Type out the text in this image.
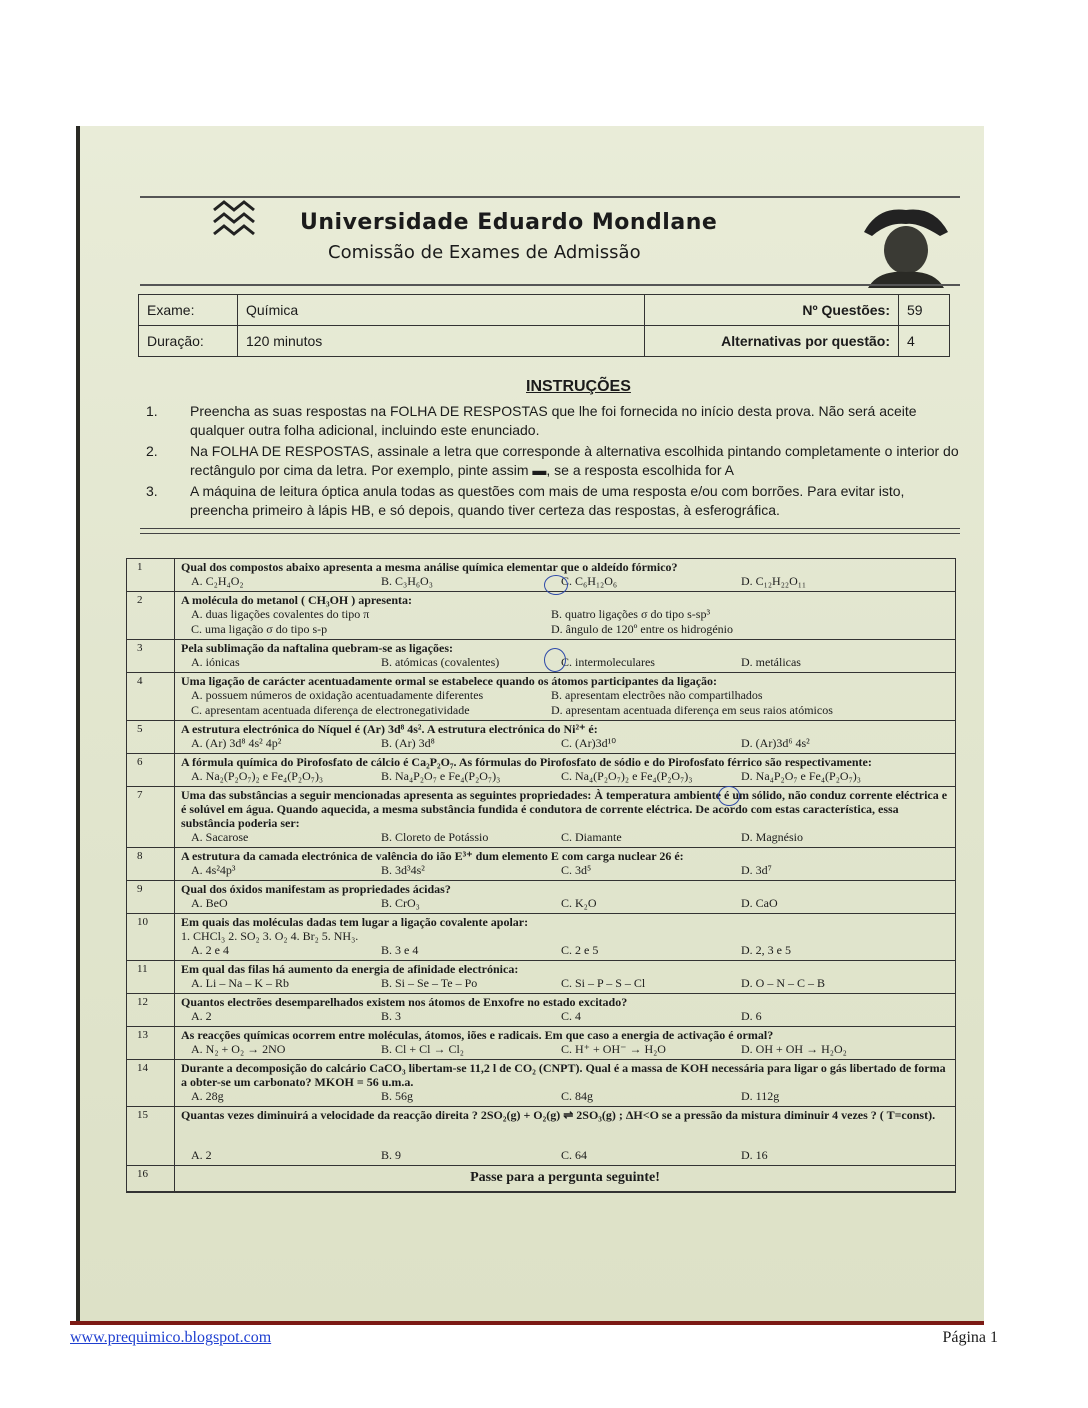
Universidade Eduardo Mondlane
Comissão de Exames de Admissão
Exame:	Química	Nº Questões:	59
Duração:	120 minutos	Alternativas por questão:	4
INSTRUÇÕES
1. Preencha as suas respostas na FOLHA DE RESPOSTAS que lhe foi fornecida no início desta prova. Não será aceite qualquer outra folha adicional, incluindo este enunciado.
2. Na FOLHA DE RESPOSTAS, assinale a letra que corresponde à alternativa escolhida pintando completamente o interior do rectângulo por cima da letra. Por exemplo, pinte assim ▬, se a resposta escolhida for A
3. A máquina de leitura óptica anula todas as questões com mais de uma resposta e/ou com borrões. Para evitar isto, preencha primeiro à lápis HB, e só depois, quando tiver certeza das respostas, à esferográfica.
1	Qual dos compostos abaixo apresenta a mesma análise química elementar que o aldeído fórmico?
A. C₂H₄O₂	B. C₃H₆O₃	C. C₆H₁₂O₆	D. C₁₂H₂₂O₁₁
2	A molécula do metanol ( CH₃OH ) apresenta:
A. duas ligações covalentes do tipo π	B. quatro ligações σ do tipo s-sp³
C. uma ligação σ do tipo s-p	D. ângulo de 120º entre os hidrogénio
3	Pela sublimação da naftalina quebram-se as ligações:
A. iónicas	B. atómicas (covalentes)	C. intermoleculares	D. metálicas
4	Uma ligação de carácter acentuadamente ormal se estabelece quando os átomos participantes da ligação:
A. possuem números de oxidação acentuadamente diferentes	B. apresentam electrões não compartilhados
C. apresentam acentuada diferença de electronegatividade	D. apresentam acentuada diferença em seus raios atómicos
5	A estrutura electrónica do Níquel é (Ar) 3d⁸ 4s². A estrutura electrónica do Ni²⁺ é:
A. (Ar) 3d⁸ 4s² 4p²	B. (Ar) 3d⁸	C. (Ar)3d¹⁰	D. (Ar)3d⁶ 4s²
6	A fórmula química do Pirofosfato de cálcio é Ca₂P₂O₇. As fórmulas do Pirofosfato de sódio e do Pirofosfato férrico são respectivamente:
A. Na₂(P₂O₇)₂ e Fe₄(P₂O₇)₃	B. Na₄P₂O₇ e Fe₄(P₂O₇)₃	C. Na₄(P₂O₇)₂ e Fe₄(P₂O₇)₃	D. Na₄P₂O₇ e Fe₄(P₂O₇)₃
7	Uma das substâncias a seguir mencionadas apresenta as seguintes propriedades: À temperatura ambiente é um sólido, não conduz corrente eléctrica e é solúvel em água. Quando aquecida, a mesma substância fundida é condutora de corrente eléctrica. De acordo com estas característica, essa substância poderia ser:
A. Sacarose	B. Cloreto de Potássio	C. Diamante	D. Magnésio
8	A estrutura da camada electrónica de valência do ião E³⁺ dum elemento E com carga nuclear 26 é:
A. 4s²4p³	B. 3d³4s²	C. 3d⁵	D. 3d⁷
9	Qual dos óxidos manifestam as propriedades ácidas?
A. BeO	B. CrO₃	C. K₂O	D. CaO
10	Em quais das moléculas dadas tem lugar a ligação covalente apolar:
1. CHCl₃ 2. SO₂ 3. O₂ 4. Br₂ 5. NH₃.
A. 2 e 4	B. 3 e 4	C. 2 e 5	D. 2, 3 e 5
11	Em qual das filas há aumento da energia de afinidade electrónica:
A. Li – Na – K – Rb	B. Si – Se – Te – Po	C. Si – P – S – Cl	D. O – N – C – B
12	Quantos electrões desemparelhados existem nos átomos de Enxofre no estado excitado?
A. 2	B. 3	C. 4	D. 6
13	As reacções químicas ocorrem entre moléculas, átomos, iões e radicais. Em que caso a energia de activação é ormal?
A. N₂ + O₂ → 2NO	B. Cl + Cl → Cl₂	C. H⁺ + OH⁻ → H₂O	D. OH + OH → H₂O₂
14	Durante a decomposição do calcário CaCO₃ libertam-se 11,2 l de CO₂ (CNPT). Qual é a massa de KOH necessária para ligar o gás libertado de forma a obter-se um carbonato? MKOH = 56 u.m.a.
A. 28g	B. 56g	C. 84g	D. 112g
15	Quantas vezes diminuirá a velocidade da reacção direita ? 2SO₂(g) + O₂(g) ⇌ 2SO₃(g) ; ΔH<O se a pressão da mistura diminuir 4 vezes ? ( T=const).
A. 2	B. 9	C. 64	D. 16
16	Passe para a pergunta seguinte!
www.prequimico.blogspot.com	Página 1
